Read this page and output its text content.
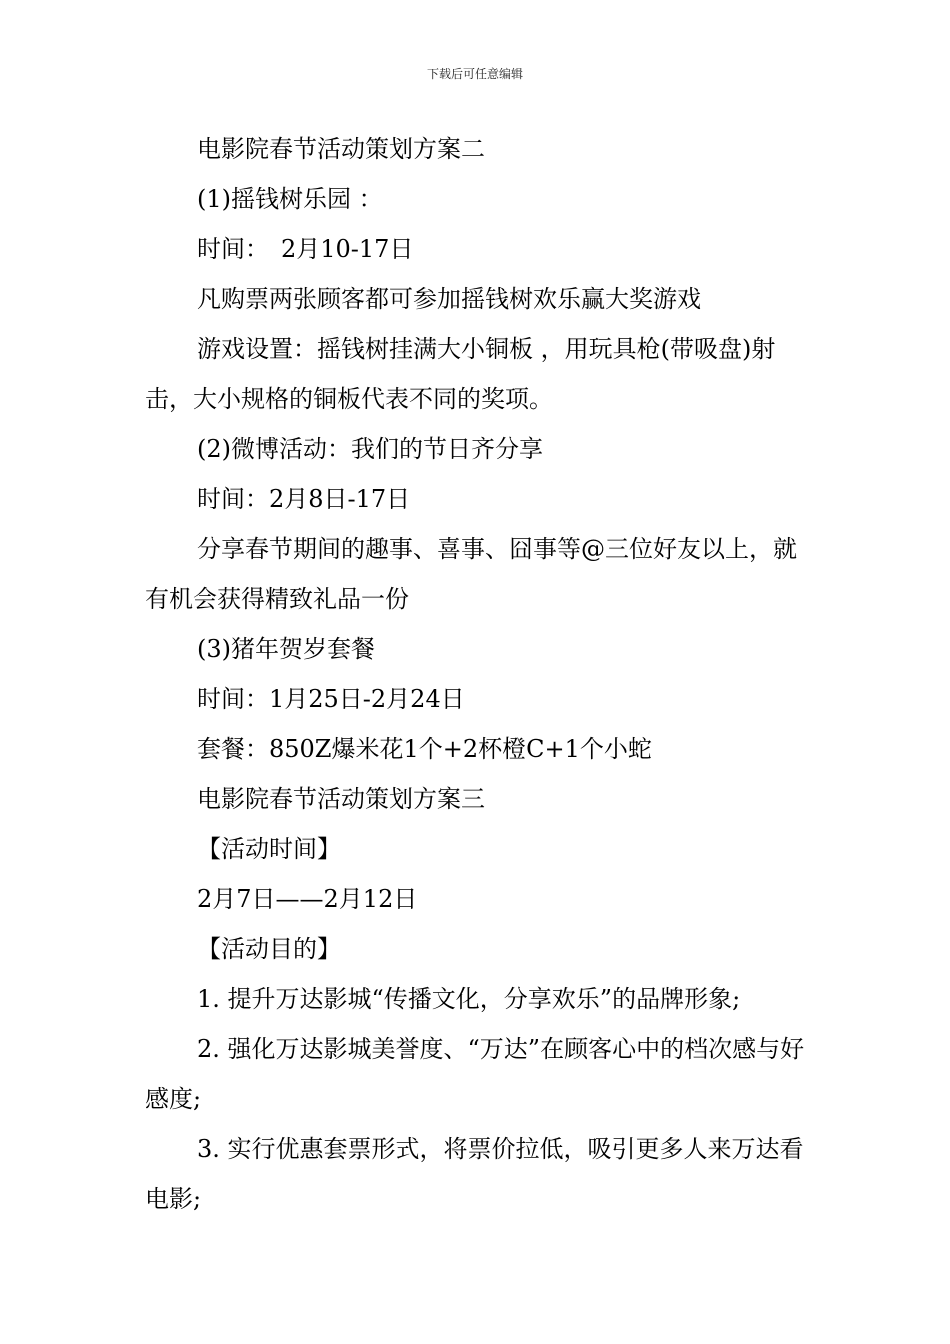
下载后可任意编辑

电影院春节活动策划方案二

(1)摇钱树乐园 ：

时间：　2月10-17日

凡购票两张顾客都可参加摇钱树欢乐赢大奖游戏

游戏设置：摇钱树挂满大小铜板 ，用玩具枪(带吸盘)射击，大小规格的铜板代表不同的奖项。

(2)微博活动：我们的节日齐分享

时间：2月8日-17日

分享春节期间的趣事、喜事、囧事等@三位好友以上，就有机会获得精致礼品一份

(3)猪年贺岁套餐

时间：1月25日-2月24日

套餐：850Z爆米花1个+2杯橙C+1个小蛇

电影院春节活动策划方案三

【活动时间】

2月7日——2月12日

【活动目的】

1. 提升万达影城“传播文化，分享欢乐”的品牌形象;

2. 强化万达影城美誉度、“万达”在顾客心中的档次感与好感度;

3. 实行优惠套票形式，将票价拉低，吸引更多人来万达看电影;
